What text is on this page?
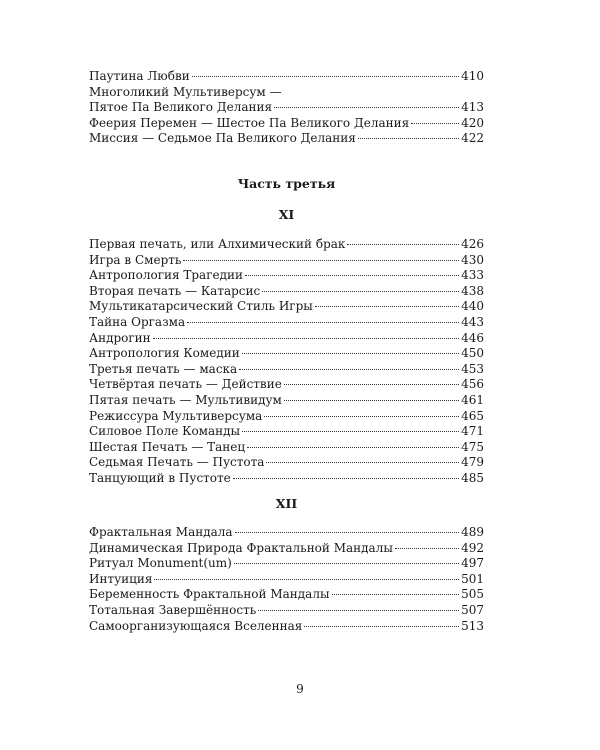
Паутина Любви	410
Многоликий Мультиверсум —
Пятое Па Великого Делания	413
Феерия Перемен — Шестое Па Великого Делания	420
Миссия — Седьмое Па Великого Делания	422
Часть третья
XI
Первая печать, или Алхимический брак	426
Игра в Смерть	430
Антропология Трагедии	433
Вторая печать — Катарсис	438
Мультикатарсический Стиль Игры	440
Тайна Оргазма	443
Андрогин	446
Антропология Комедии	450
Третья печать — маска	453
Четвёртая печать — Действие	456
Пятая печать — Мультивидум	461
Режиссура Мультиверсума	465
Силовое Поле Команды	471
Шестая Печать — Танец	475
Седьмая Печать — Пустота	479
Танцующий в Пустоте	485
XII
Фрактальная Мандала	489
Динамическая Природа Фрактальной Мандалы	492
Ритуал Monument(um)	497
Интуиция	501
Беременность Фрактальной Мандалы	505
Тотальная Завершённость	507
Самоорганизующаяся Вселенная	513
9
